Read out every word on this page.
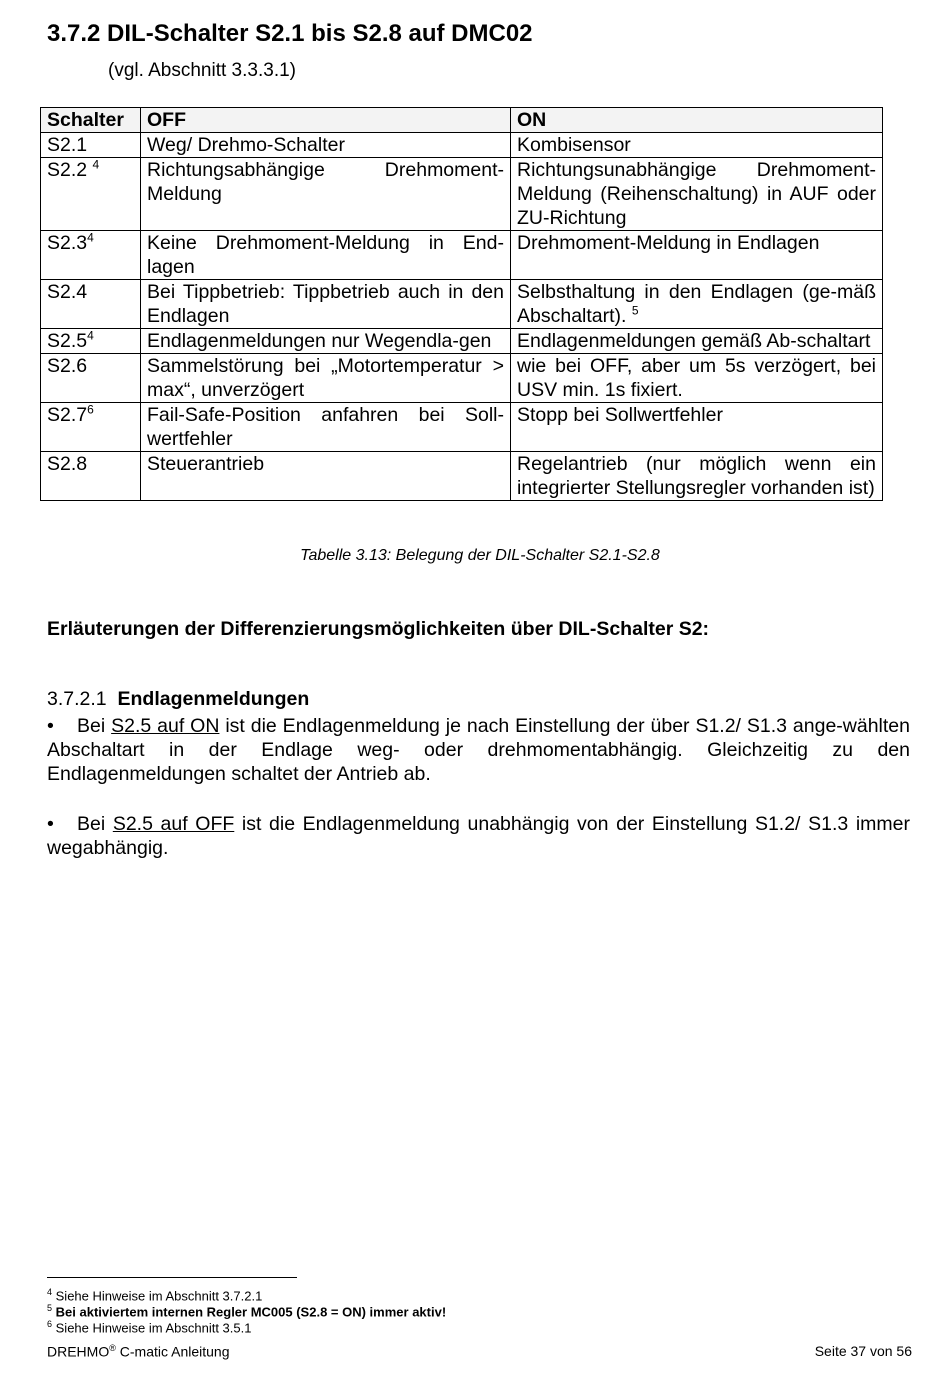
3.7.2 DIL-Schalter S2.1 bis S2.8 auf DMC02
(vgl. Abschnitt 3.3.3.1)
Schalter	OFF	ON
S2.1	Weg/ Drehmo-Schalter	Kombisensor
S2.2 $^4$	Richtungsabhängige Drehmoment-Meldung	Richtungsunabhängige Drehmoment-Meldung (Reihenschaltung) in AUF oder ZU-Richtung
S2.3$^4$	Keine Drehmoment-Meldung in End-lagen	Drehmoment-Meldung in Endlagen
S2.4	Bei Tippbetrieb: Tippbetrieb auch in den Endlagen	Selbsthaltung in den Endlagen (ge-mäß Abschaltart). $^5$
S2.5$^4$	Endlagenmeldungen nur Wegendla-gen	Endlagenmeldungen gemäß Ab-schaltart
S2.6	Sammelstörung bei „Motortemperatur > max“, unverzögert	wie bei OFF, aber um 5s verzögert, bei USV min. 1s fixiert.
S2.7$^6$	Fail-Safe-Position anfahren bei Soll-wertfehler	Stopp bei Sollwertfehler
S2.8	Steuerantrieb	Regelantrieb (nur möglich wenn ein integrierter Stellungsregler vorhanden ist)
Tabelle 3.13: Belegung der DIL-Schalter S2.1-S2.8
Erläuterungen der Differenzierungsmöglichkeiten über DIL-Schalter S2:
3.7.2.1 Endlagenmeldungen
• Bei S2.5 auf ON ist die Endlagenmeldung je nach Einstellung der über S1.2/ S1.3 ange-wählten Abschaltart in der Endlage weg- oder drehmomentabhängig. Gleichzeitig zu den Endlagenmeldungen schaltet der Antrieb ab.
• Bei S2.5 auf OFF ist die Endlagenmeldung unabhängig von der Einstellung S1.2/ S1.3 immer wegabhängig.
$^4$ Siehe Hinweise im Abschnitt 3.7.2.1
$^5$ Bei aktiviertem internen Regler MC005 (S2.8 = ON) immer aktiv!
$^6$ Siehe Hinweise im Abschnitt 3.5.1
DREHMO® C-matic Anleitung	Seite 37 von 56
